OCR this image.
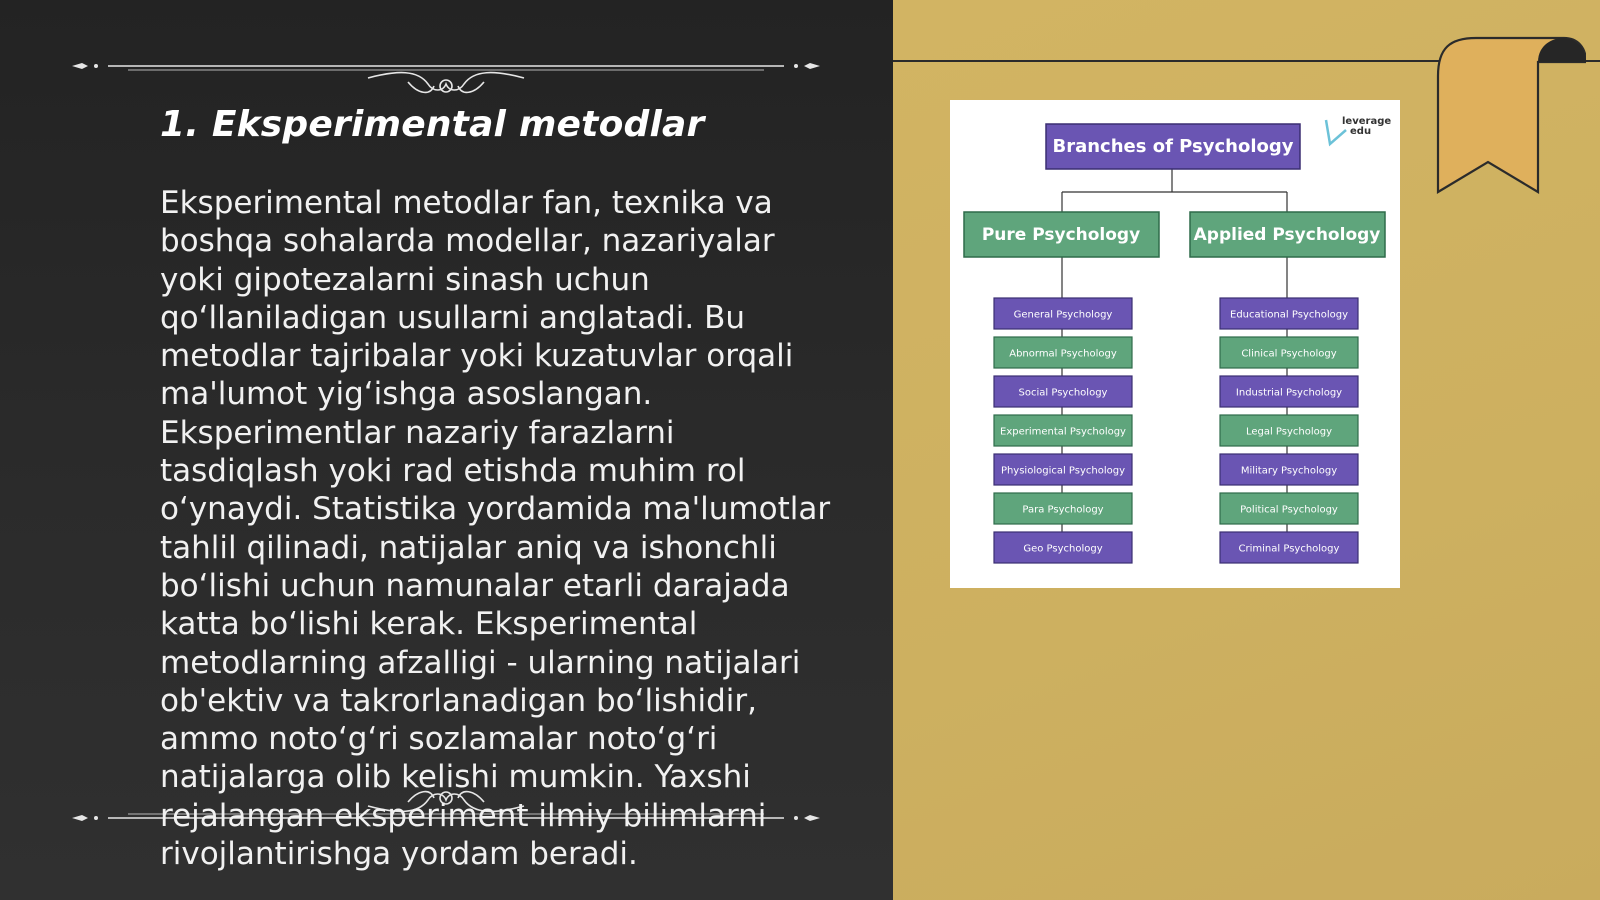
1. Eksperimental metodlar

Eksperimental metodlar fan, texnika va boshqa sohalarda modellar, nazariyalar yoki gipotezalarni sinash uchun qo‘llaniladigan usullarni anglatadi. Bu metodlar tajribalar yoki kuzatuvlar orqali ma'lumot yig‘ishga asoslangan. Eksperimentlar nazariy farazlarni tasdiqlash yoki rad etishda muhim rol o‘ynaydi. Statistika yordamida ma'lumotlar tahlil qilinadi, natijalar aniq va ishonchli bo‘lishi uchun namunalar etarli darajada katta bo‘lishi kerak. Eksperimental metodlarning afzalligi - ularning natijalari ob'ektiv va takrorlanadigan bo‘lishidir, ammo noto‘g‘ri sozlamalar noto‘g‘ri natijalarga olib kelishi mumkin. Yaxshi rejalangan eksperiment ilmiy bilimlarni rivojlantirishga yordam beradi.

leverage
edu
Branches of Psychology
Pure Psychology	Applied Psychology
General Psychology
Abnormal Psychology
Social Psychology
Experimental Psychology
Physiological Psychology
Para Psychology
Geo Psychology
Educational Psychology
Clinical Psychology
Industrial Psychology
Legal Psychology
Military Psychology
Political Psychology
Criminal Psychology
